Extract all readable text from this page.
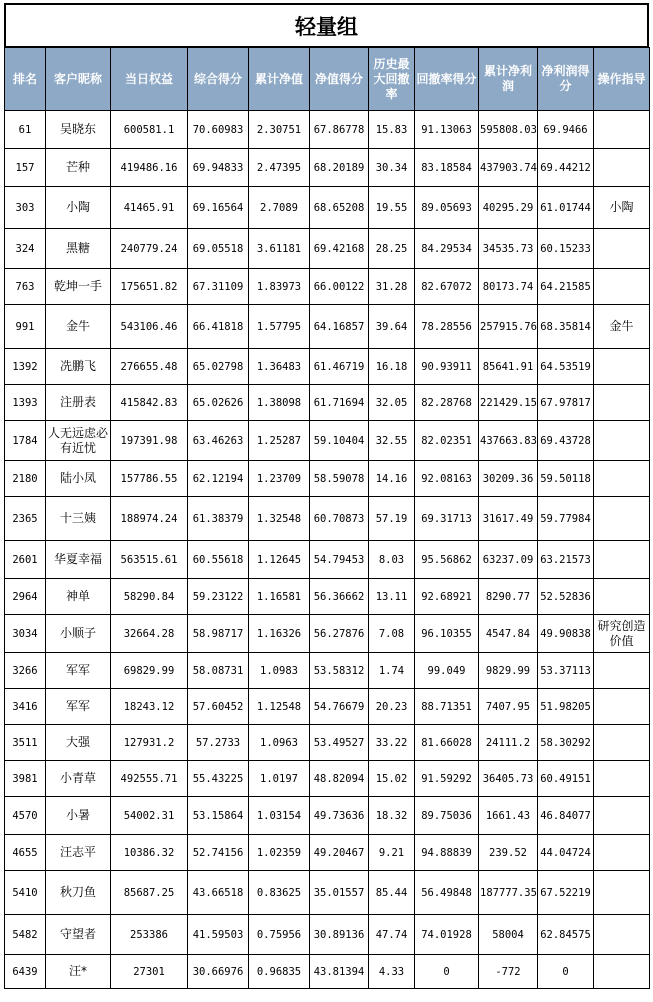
轻量组
排名	客户昵称	当日权益	综合得分	累计净值	净值得分	历史最大回撤率	回撤率得分	累计净利润	净利润得分	操作指导
61	吴晓东	600581.1	70.60983	2.30751	67.86778	15.83	91.13063	595808.03	69.9466	
157	芒种	419486.16	69.94833	2.47395	68.20189	30.34	83.18584	437903.74	69.44212	
303	小陶	41465.91	69.16564	2.7089	68.65208	19.55	89.05693	40295.29	61.01744	小陶
324	黑糖	240779.24	69.05518	3.61181	69.42168	28.25	84.29534	34535.73	60.15233	
763	乾坤一手	175651.82	67.31109	1.83973	66.00122	31.28	82.67072	80173.74	64.21585	
991	金牛	543106.46	66.41818	1.57795	64.16857	39.64	78.28556	257915.76	68.35814	金牛
1392	冼鹏飞	276655.48	65.02798	1.36483	61.46719	16.18	90.93911	85641.91	64.53519	
1393	注册表	415842.83	65.02626	1.38098	61.71694	32.05	82.28768	221429.15	67.97817	
1784	人无远虑必有近忧	197391.98	63.46263	1.25287	59.10404	32.55	82.02351	437663.83	69.43728	
2180	陆小凤	157786.55	62.12194	1.23709	58.59078	14.16	92.08163	30209.36	59.50118	
2365	十三姨	188974.24	61.38379	1.32548	60.70873	57.19	69.31713	31617.49	59.77984	
2601	华夏幸福	563515.61	60.55618	1.12645	54.79453	8.03	95.56862	63237.09	63.21573	
2964	神单	58290.84	59.23122	1.16581	56.36662	13.11	92.68921	8290.77	52.52836	
3034	小顺子	32664.28	58.98717	1.16326	56.27876	7.08	96.10355	4547.84	49.90838	研究创造价值
3266	军军	69829.99	58.08731	1.0983	53.58312	1.74	99.049	9829.99	53.37113	
3416	军军	18243.12	57.60452	1.12548	54.76679	20.23	88.71351	7407.95	51.98205	
3511	大强	127931.2	57.2733	1.0963	53.49527	33.22	81.66028	24111.2	58.30292	
3981	小青草	492555.71	55.43225	1.0197	48.82094	15.02	91.59292	36405.73	60.49151	
4570	小暑	54002.31	53.15864	1.03154	49.73636	18.32	89.75036	1661.43	46.84077	
4655	汪志平	10386.32	52.74156	1.02359	49.20467	9.21	94.88839	239.52	44.04724	
5410	秋刀鱼	85687.25	43.66518	0.83625	35.01557	85.44	56.49848	187777.35	67.52219	
5482	守望者	253386	41.59503	0.75956	30.89136	47.74	74.01928	58004	62.84575	
6439	汪*	27301	30.66976	0.96835	43.81394	4.33	0	-772	0	
